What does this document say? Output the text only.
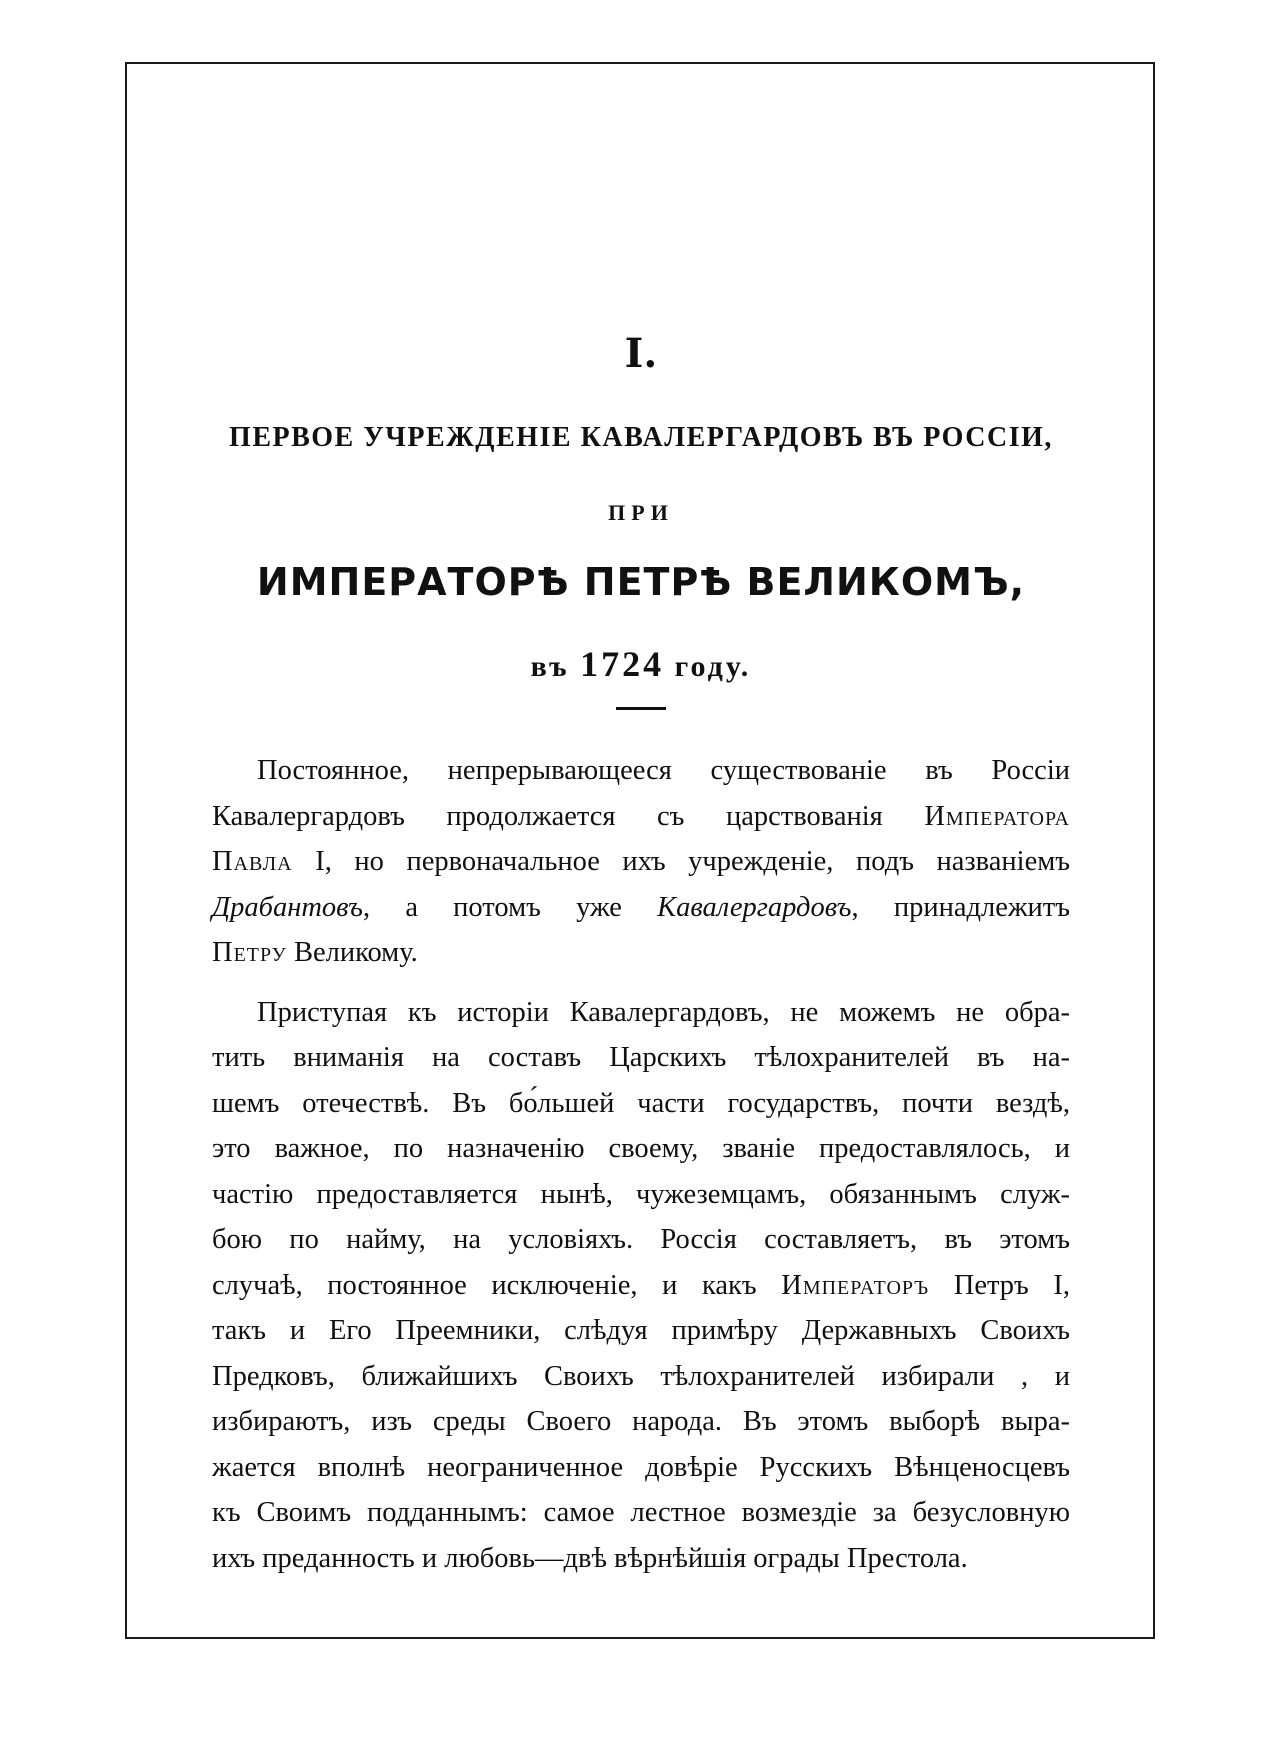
I.
ПЕРВОЕ УЧРЕЖДЕНІЕ КАВАЛЕРГАРДОВЪ ВЪ РОССІИ,
ПРИ
ИМПЕРАТОРѢ ПЕТРѢ ВЕЛИКОМЪ,
въ 1724 году.
Постоянное, непрерывающееся существованіе въ Россіи
Кавалергардовъ продолжается съ царствованія Императора
Павла I, но первоначальное ихъ учрежденіе, подъ названіемъ
Драбантовъ, а потомъ уже Кавалергардовъ, принадлежитъ
Петру Великому.
Приступая къ исторіи Кавалергардовъ, не можемъ не обра-
тить вниманія на составъ Царскихъ тѣлохранителей въ на-
шемъ отечествѣ. Въ бо́льшей части государствъ, почти вездѣ,
это важное, по назначенію своему, званіе предоставлялось, и
частію предоставляется нынѣ, чужеземцамъ, обязаннымъ служ-
бою по найму, на условіяхъ. Россія составляетъ, въ этомъ
случаѣ, постоянное исключеніе, и какъ Императоръ Петръ I,
такъ и Его Преемники, слѣдуя примѣру Державныхъ Своихъ
Предковъ, ближайшихъ Своихъ тѣлохранителей избирали , и
избираютъ, изъ среды Своего народа. Въ этомъ выборѣ выра-
жается вполнѣ неограниченное довѣріе Русскихъ Вѣнценосцевъ
къ Своимъ подданнымъ: самое лестное возмездіе за безусловную
ихъ преданность и любовь—двѣ вѣрнѣйшія ограды Престола.
